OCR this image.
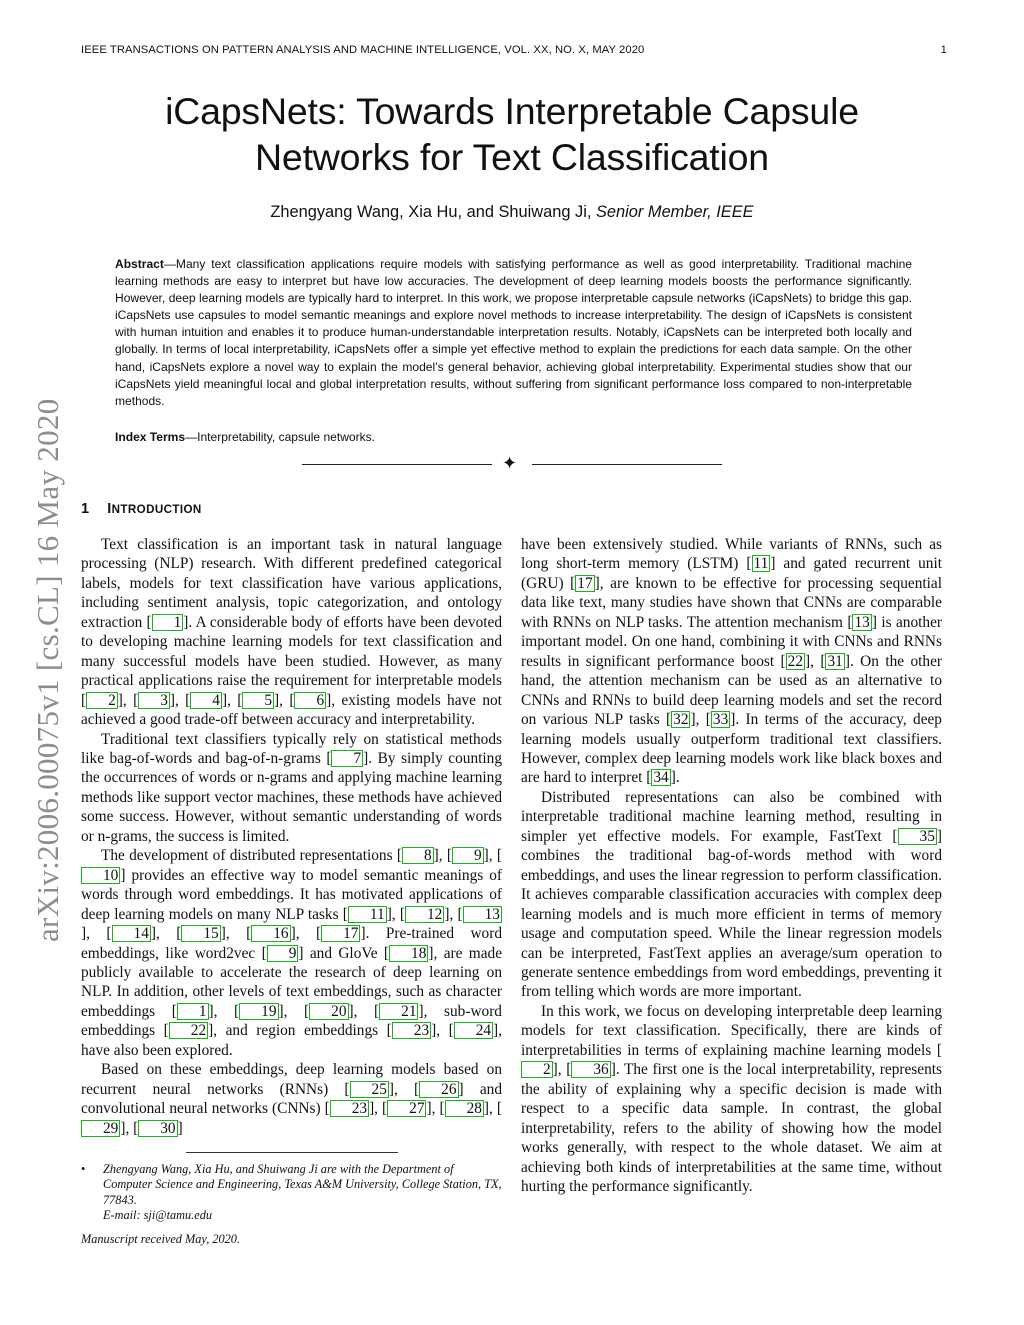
IEEE TRANSACTIONS ON PATTERN ANALYSIS AND MACHINE INTELLIGENCE, VOL. XX, NO. X, MAY 2020	1
arXiv:2006.00075v1 [cs.CL] 16 May 2020
iCapsNets: Towards Interpretable Capsule
Networks for Text Classification
Zhengyang Wang, Xia Hu, and Shuiwang Ji, Senior Member, IEEE

Abstract—Many text classification applications require models with satisfying performance as well as good interpretability. Traditional machine learning methods are easy to interpret but have low accuracies. The development of deep learning models boosts the performance significantly. However, deep learning models are typically hard to interpret. In this work, we propose interpretable capsule networks (iCapsNets) to bridge this gap. iCapsNets use capsules to model semantic meanings and explore novel methods to increase interpretability. The design of iCapsNets is consistent with human intuition and enables it to produce human-understandable interpretation results. Notably, iCapsNets can be interpreted both locally and globally. In terms of local interpretability, iCapsNets offer a simple yet effective method to explain the predictions for each data sample. On the other hand, iCapsNets explore a novel way to explain the model’s general behavior, achieving global interpretability. Experimental studies show that our iCapsNets yield meaningful local and global interpretation results, without suffering from significant performance loss compared to non-interpretable methods.

Index Terms—Interpretability, capsule networks.

✦
1 INTRODUCTION

Text classification is an important task in natural language processing (NLP) research. With different predefined categorical labels, models for text classification have various applications, including sentiment analysis, topic categorization, and ontology extraction [ 1 ]. A considerable body of efforts have been devoted to developing machine learning models for text classification and many successful models have been studied. However, as many practical applications raise the requirement for interpretable models [ 2 ], [ 3 ], [ 4 ], [ 5 ], [ 6 ], existing models have not achieved a good trade-off between accuracy and interpretability.

Traditional text classifiers typically rely on statistical methods like bag-of-words and bag-of-n-grams [ 7 ]. By simply counting the occurrences of words or n-grams and applying machine learning methods like support vector machines, these methods have achieved some success. However, without semantic understanding of words or n-grams, the success is limited.

The development of distributed representations [ 8 ], [ 9 ], [10 ] provides an effective way to model semantic meanings of words through word embeddings. It has motivated applications of deep learning models on many NLP tasks [ 11 ], [ 12 ], [ 13], [ 14 ], [ 15 ], [ 16 ], [ 17 ]. Pre-trained word embeddings, like word2vec [ 9 ] and GloVe [ 18 ], are made publicly available to accelerate the research of deep learning on NLP. In addition, other levels of text embeddings, such as character embeddings [ 1 ], [ 19 ], [ 20 ], [ 21 ], sub-word embeddings [ 22 ], and region embeddings [ 23 ], [ 24 ], have also been explored.

Based on these embeddings, deep learning models based on recurrent neural networks (RNNs) [ 25 ], [ 26 ] and convolutional neural networks (CNNs) [ 23 ], [ 27 ], [ 28 ], [29 ], [ 30 ]

• Zhengyang Wang, Xia Hu, and Shuiwang Ji are with the Department of Computer Science and Engineering, Texas A&M University, College Station, TX, 77843.
E-mail: sji@tamu.edu
Manuscript received May, 2020.

have been extensively studied. While variants of RNNs, such as long short-term memory (LSTM) [ 11 ] and gated recurrent unit (GRU) [ 17 ], are known to be effective for processing sequential data like text, many studies have shown that CNNs are comparable with RNNs on NLP tasks. The attention mechanism [ 13 ] is another important model. On one hand, combining it with CNNs and RNNs results in significant performance boost [ 22 ], [ 31 ]. On the other hand, the attention mechanism can be used as an alternative to CNNs and RNNs to build deep learning models and set the record on various NLP tasks [ 32 ], [ 33 ]. In terms of the accuracy, deep learning models usually outperform traditional text classifiers. However, complex deep learning models work like black boxes and are hard to interpret [ 34 ].

Distributed representations can also be combined with interpretable traditional machine learning method, resulting in simpler yet effective models. For example, FastText [ 35 ] combines the traditional bag-of-words method with word embeddings, and uses the linear regression to perform classification. It achieves comparable classification accuracies with complex deep learning models and is much more efficient in terms of memory usage and computation speed. While the linear regression models can be interpreted, FastText applies an average/sum operation to generate sentence embeddings from word embeddings, preventing it from telling which words are more important.

In this work, we focus on developing interpretable deep learning models for text classification. Specifically, there are kinds of interpretabilities in terms of explaining machine learning models [2 ], [ 36 ]. The first one is the local interpretability, represents the ability of explaining why a specific decision is made with respect to a specific data sample. In contrast, the global interpretability, refers to the ability of showing how the model works generally, with respect to the whole dataset. We aim at achieving both kinds of interpretabilities at the same time, without hurting the performance significantly.
